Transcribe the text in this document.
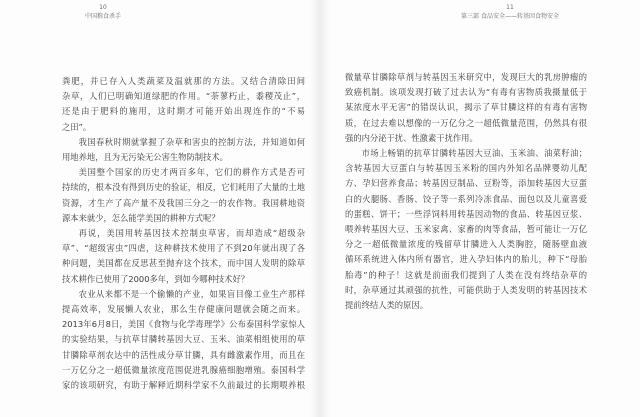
10
中国粮食杀手
粪肥，并已存入人类蔬菜及温就那的方法。又结合清除田间
杂草，人们已明确知道绿肥的作用。“荼蓼朽止，黍稷茂止”，
还是由于肥料的施用，这时期才可能开始出现连作的“不易
之田”。
我国春秋时期就掌握了杂草和害虫的控制方法，并知道如何
用地养地，且为无污染无公害生物防制技术。
美国整个国家的历史才两百多年，它们的耕作方式是否可
持续的，根本没有得到历史的验证，相反，它们耗用了大量的土地
资源，才生产了高产量不及我国三分之一的农作物。我国耕地资
源本来就少，怎么能学美国的耕种方式呢？
再说，美国用转基因技术控制虫草害，而却造成“超级杂
草”、“超级害虫”四虐，这种耕技术使用了不到20年就出现了各
种问题，美国都在反思甚至抛弃这个技术，而中国人发明的除草
技术耕作已使用了2000多年，到如今哪种技术好？
农业从来都不是一个偷懒的产业，如果盲目像工业生产那样
提高效率，发展懒人农业，那么生存健康问题就会随之而来。
2013年6月8日，美国《食物与化学毒理学》公布泰国科学家惊人
的实验结果，与抗草甘膦转基因大豆、玉米、油菜相组使用的草
甘膦除草剂农达中的活性成分草甘膦，具有雌激素作用，而且在
一万亿分之一超低微量浓度范围促进乳腺癌细胞增殖。泰国科学
家的该项研究，有助于解释近期科学家不久前最过的长期喂养根
11
第三部 食品安全——转基因食物安全
微量草甘膦除草剂与转基因玉米研究中，发现巨大的乳房肿瘤的
致癌机制。该项发现打破了过去认为“有毒有害物质我摄量低于
某浓度水平无害”的错误认识，揭示了草甘膦这样的有毒有害物
质，在过去难以想像的一万亿分之一超低微量范围，仍然具有很
强的内分泌干扰、性激素干扰作用。
市场上畅销的抗草甘膦转基因大豆油、玉米油、油菜籽油；
含转基因大豆蛋白与转基因玉米粉的国内外知名品牌婴幼儿配
方、孕妇营养食品；转基因豆制品、豆粉等，添加转基因大豆蛋
白的火腿肠、香肠、饺子等一系列冷冻食品、面包以及儿童喜爱
的蛋糕、饼干；一些浮饲料用转基因动物的食品、转基因豆浆、
喂养转基因大豆、玉米家禽、家畜的肉等食品，暂可能让一万亿
分之一超低微量浓度的残留草甘膦进入人类胸腔，随肠壁血液
循环系统进入体内所有器官，进入孕妇体内的胎儿，种下“母胎
胎毒”的种子！这就是前面我们提到了人类在没有终结杂草的
时，杂草通过其顽强的抗性，可能供助于人类发明的转基因技术
提前终结人类的原因。
